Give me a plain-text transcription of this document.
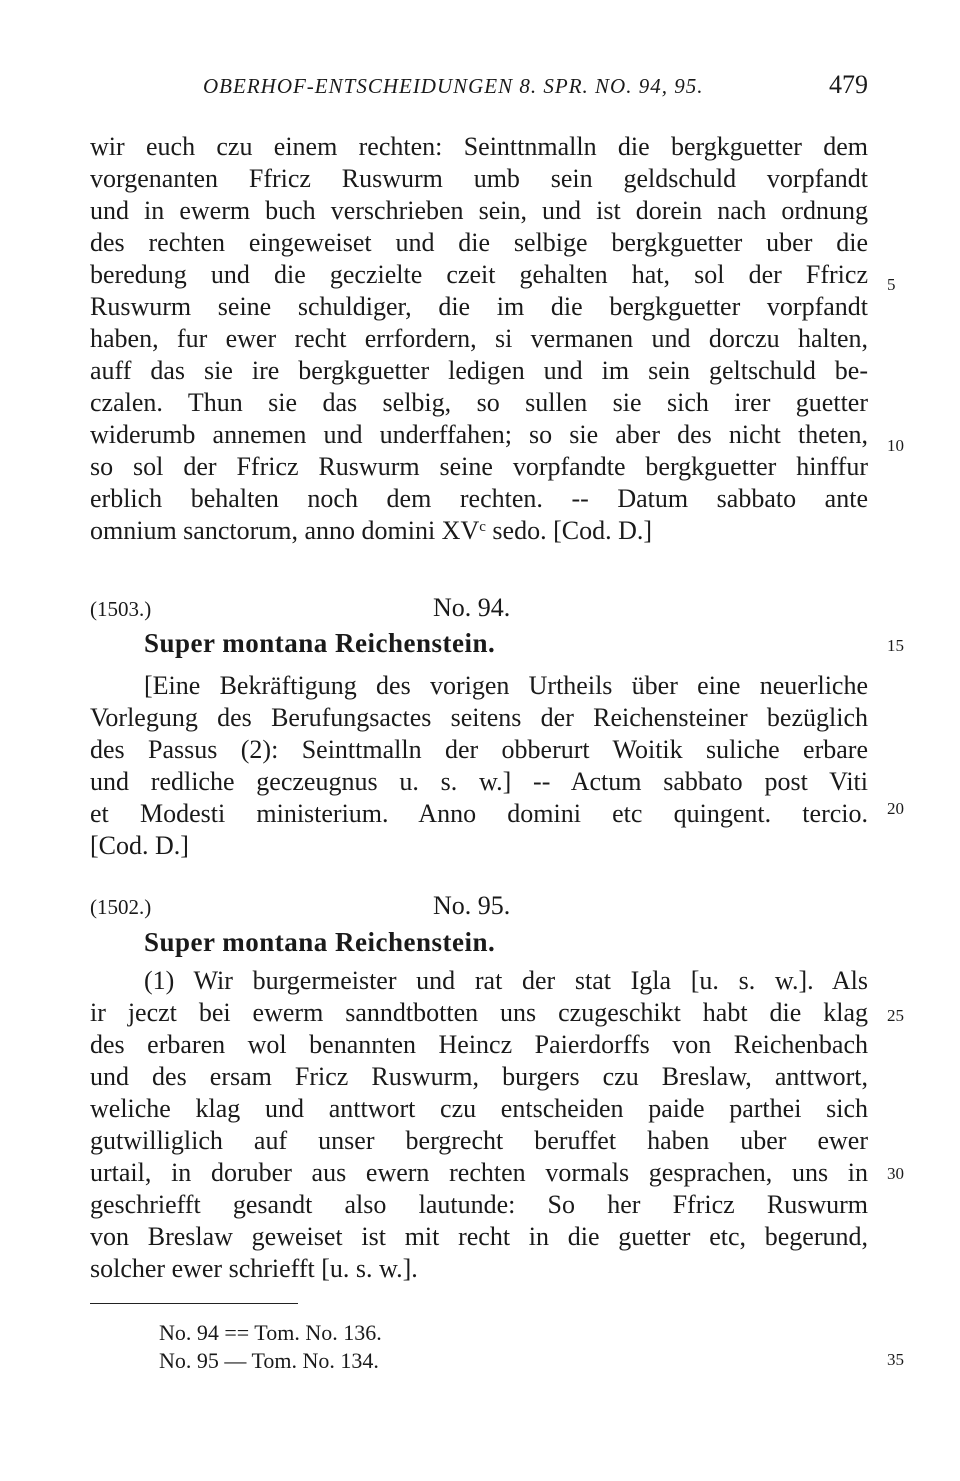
OBERHOF-ENTSCHEIDUNGEN 8. SPR. NO. 94, 95.	479
wir euch czu einem rechten: Seinttnmalln die bergkguetter dem
vorgenanten Ffricz Ruswurm umb sein geldschuld vorpfandt
und in ewerm buch verschrieben sein, und ist dorein nach ordnung
des rechten eingeweiset und die selbige bergkguetter uber die
beredung und die geczielte czeit gehalten hat, sol der Ffricz
Ruswurm seine schuldiger, die im die bergkguetter vorpfandt
haben, fur ewer recht errfordern, si vermanen und dorczu halten,
auff das sie ire bergkguetter ledigen und im sein geltschuld be-
czalen. Thun sie das selbig, so sullen sie sich irer guetter
widerumb annemen und underffahen; so sie aber des nicht theten,
so sol der Ffricz Ruswurm seine vorpfandte bergkguetter hinffur
erblich behalten noch dem rechten. -- Datum sabbato ante
omnium sanctorum, anno domini $XV^c$ sedo. [Cod. D.]
(1503.)	No. 94.
Super montana Reichenstein.
[Eine Bekräftigung des vorigen Urtheils über eine neuerliche
Vorlegung des Berufungsactes seitens der Reichensteiner bezüglich
des Passus (2): Seinttmalln der obberurt Woitik suliche erbare
und redliche geczeugnus u. s. w.] -- Actum sabbato post Viti
et Modesti ministerium. Anno domini etc quingent. tercio.
[Cod. D.]
(1502.)	No. 95.
Super montana Reichenstein.
(1) Wir burgermeister und rat der stat Igla [u. s. w.]. Als
ir jeczt bei ewerm sanndtbotten uns czugeschikt habt die klag
des erbaren wol benannten Heincz Paierdorffs von Reichenbach
und des ersam Fricz Ruswurm, burgers czu Breslaw, anttwort,
weliche klag und anttwort czu entscheiden paide parthei sich
gutwilliglich auf unser bergrecht beruffet haben uber ewer
urtail, in doruber aus ewern rechten vormals gesprachen, uns in
geschriefft gesandt also lautunde: So her Ffricz Ruswurm
von Breslaw geweiset ist mit recht in die guetter etc, begerund,
solcher ewer schriefft [u. s. w.].
No. 94 == Tom. No. 136.
No. 95 — Tom. No. 134.
5
10
15
20
25
30
35
